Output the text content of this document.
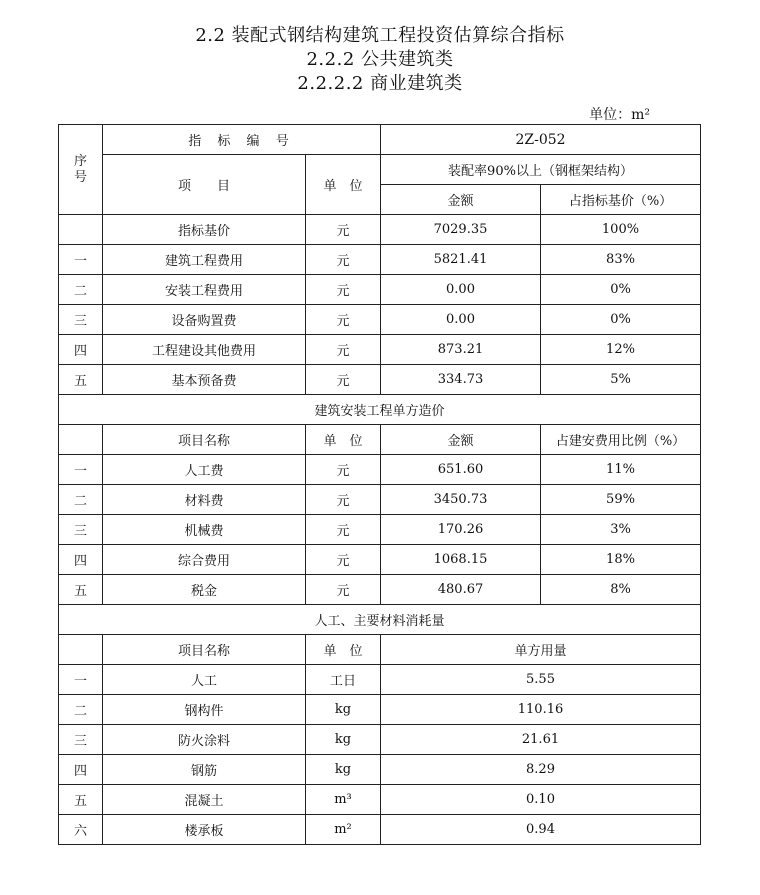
2.2 装配式钢结构建筑工程投资估算综合指标
2.2.2 公共建筑类
2.2.2.2 商业建筑类
单位：m²
序号	指 标 编 号		2Z-052	
	项　　目	单　位	装配率90%以上（钢框架结构）	
			金额	占指标基价（%）
	指标基价	元	7029.35	100%
一	建筑工程费用	元	5821.41	83%
二	安装工程费用	元	0.00	0%
三	设备购置费	元	0.00	0%
四	工程建设其他费用	元	873.21	12%
五	基本预备费	元	334.73	5%
建筑安装工程单方造价				
	项目名称	单　位	金额	占建安费用比例（%）
一	人工费	元	651.60	11%
二	材料费	元	3450.73	59%
三	机械费	元	170.26	3%
四	综合费用	元	1068.15	18%
五	税金	元	480.67	8%
人工、主要材料消耗量				
	项目名称	单　位	单方用量	
一	人工	工日	5.55	
二	钢构件	kg	110.16	
三	防火涂料	kg	21.61	
四	钢筋	kg	8.29	
五	混凝土	m³	0.10	
六	楼承板	m²	0.94	
